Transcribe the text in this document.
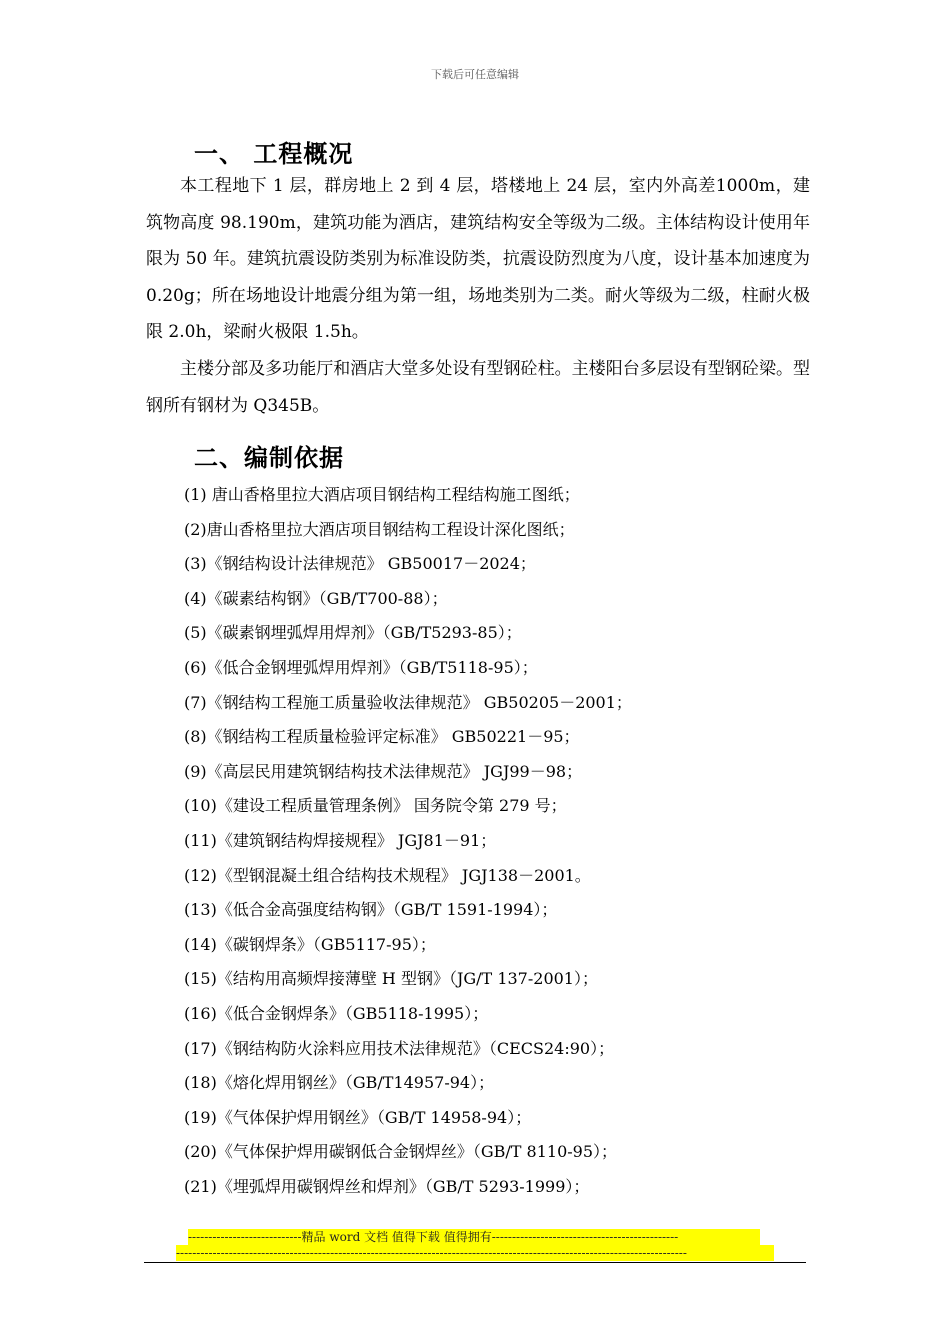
下载后可任意编辑
一、 工程概况
本工程地下 1 层，群房地上 2 到 4 层，塔楼地上 24 层，室内外高差1000m，建筑物高度 98.190m，建筑功能为酒店，建筑结构安全等级为二级。主体结构设计使用年限为 50 年。建筑抗震设防类别为标准设防类，抗震设防烈度为八度，设计基本加速度为 0.20g；所在场地设计地震分组为第一组，场地类别为二类。耐火等级为二级，柱耐火极限 2.0h，梁耐火极限 1.5h。
主楼分部及多功能厅和酒店大堂多处设有型钢砼柱。主楼阳台多层设有型钢砼梁。型钢所有钢材为 Q345B。
二、编制依据
(1) 唐山香格里拉大酒店项目钢结构工程结构施工图纸；
(2)唐山香格里拉大酒店项目钢结构工程设计深化图纸；
(3)《钢结构设计法律规范》 GB50017－2024；
(4)《碳素结构钢》（GB/T700-88）；
(5)《碳素钢埋弧焊用焊剂》（GB/T5293-85）；
(6)《低合金钢埋弧焊用焊剂》（GB/T5118-95）；
(7)《钢结构工程施工质量验收法律规范》 GB50205－2001；
(8)《钢结构工程质量检验评定标准》 GB50221－95；
(9)《高层民用建筑钢结构技术法律规范》 JGJ99－98；
(10)《建设工程质量管理条例》 国务院令第 279 号；
(11)《建筑钢结构焊接规程》 JGJ81－91；
(12)《型钢混凝土组合结构技术规程》 JGJ138－2001。
(13)《低合金高强度结构钢》（GB/T 1591-1994）；
(14)《碳钢焊条》（GB5117-95）；
(15)《结构用高频焊接薄壁 H 型钢》（JG/T 137-2001）；
(16)《低合金钢焊条》（GB5118-1995）；
(17)《钢结构防火涂料应用技术法律规范》（CECS24:90）；
(18)《熔化焊用钢丝》（GB/T14957-94）；
(19)《气体保护焊用钢丝》（GB/T 14958-94）；
(20)《气体保护焊用碳钢低合金钢焊丝》（GB/T 8110-95）；
(21)《埋弧焊用碳钢焊丝和焊剂》（GB/T 5293-1999）；
----------------------------精品 word 文档 值得下载 值得拥有----------------------------------------------
------------------------------------------------------------------------------------------------------------------------------
